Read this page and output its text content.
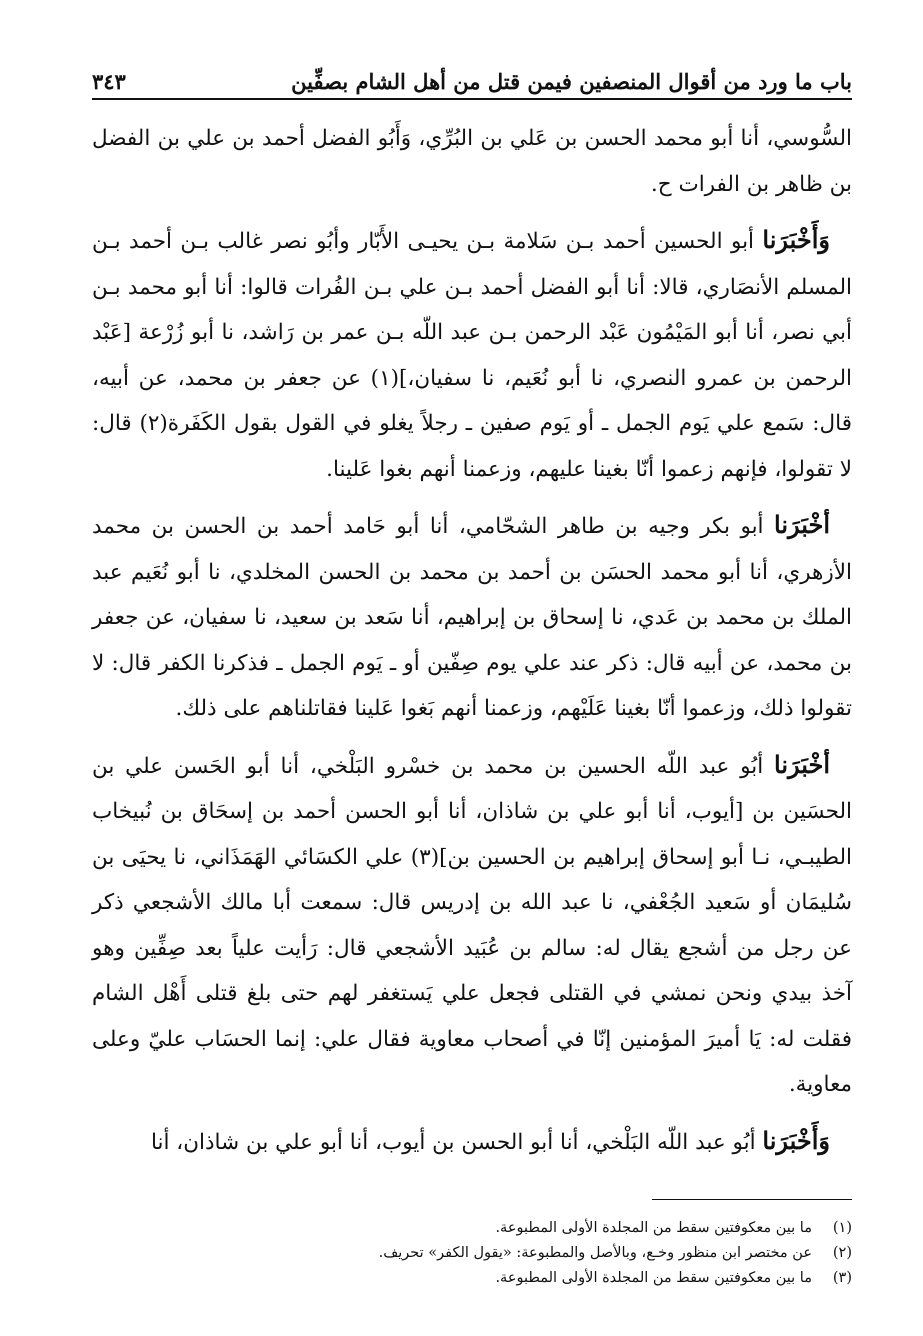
باب ما ورد من أقوال المنصفين فيمن قتل من أهل الشام بصفِّين
٣٤٣

السُّوسي، أنا أبو محمد الحسن بن عَلي بن البُرِّي، وَأَبُو الفضل أحمد بن علي بن الفضل بن ظاهر بن الفرات ح.

وَأَخْبَرَنا أبو الحسين أحمد بـن سَلامة بـن يحيـى الأَبّار وأبُو نصر غالب بـن أحمد بـن المسلم الأنصَاري، قالا: أنا أبو الفضل أحمد بـن علي بـن الفُرات قالوا: أنا أبو محمد بـن أبي نصر، أنا أبو المَيْمُون عَبْد الرحمن بـن عبد اللّه بـن عمر بن رَاشد، نا أبو زُرْعة [عَبْد الرحمن بن عمرو النصري، نا أبو نُعَيم، نا سفيان،](١) عن جعفر بن محمد، عن أبيه، قال: سَمع علي يَوم الجمل ـ أو يَوم صفين ـ رجلاً يغلو في القول بقول الكَفَرة(٢) قال: لا تقولوا، فإنهم زعموا أنّا بغينا عليهم، وزعمنا أنهم بغوا عَلينا.

أخْبَرَنا أبو بكر وجيه بن طاهر الشحّامي، أنا أبو حَامد أحمد بن الحسن بن محمد الأزهري، أنا أبو محمد الحسَن بن أحمد بن محمد بن الحسن المخلدي، نا أبو نُعَيم عبد الملك بن محمد بن عَدي، نا إسحاق بن إبراهيم، أنا سَعد بن سعيد، نا سفيان، عن جعفر بن محمد، عن أبيه قال: ذكر عند علي يوم صِفّين أو ـ يَوم الجمل ـ فذكرنا الكفر قال: لا تقولوا ذلك، وزعموا أنّا بغينا عَلَيْهم، وزعمنا أنهم بَغوا عَلينا فقاتلناهم على ذلك.

أخْبَرَنا أبُو عبد اللّه الحسين بن محمد بن خسْرو البَلْخي، أنا أبو الحَسن علي بن الحسَين بن [أيوب، أنا أبو علي بن شاذان، أنا أبو الحسن أحمد بن إسحَاق بن نُبيخاب الطيبـي، نـا أبو إسحاق إبراهيم بن الحسين بن](٣) علي الكسَائي الهَمَذَاني، نا يحيَى بن سُليمَان أو سَعيد الجُعْفي، نا عبد الله بن إدريس قال: سمعت أبا مالك الأشجعي ذكر عن رجل من أشجع يقال له: سالم بن عُبَيد الأشجعي قال: رَأيت علياً بعد صِفِّين وهو آخذ بيدي ونحن نمشي في القتلى فجعل علي يَستغفر لهم حتى بلغ قتلى أَهْل الشام فقلت له: يَا أميرَ المؤمنين إنّا في أصحاب معاوية فقال علي: إنما الحسَاب عليّ وعلى معاوية.

وَأَخْبَرَنا أبُو عبد اللّه البَلْخي، أنا أبو الحسن بن أيوب، أنا أبو علي بن شاذان، أنا

(١)
ما بين معكوفتين سقط من المجلدة الأولى المطبوعة.
(٢)
عن مختصر ابن منظور وخـع، وبالأصل والمطبوعة: «يقول الكفر» تحريف.
(٣)
ما بين معكوفتين سقط من المجلدة الأولى المطبوعة.
